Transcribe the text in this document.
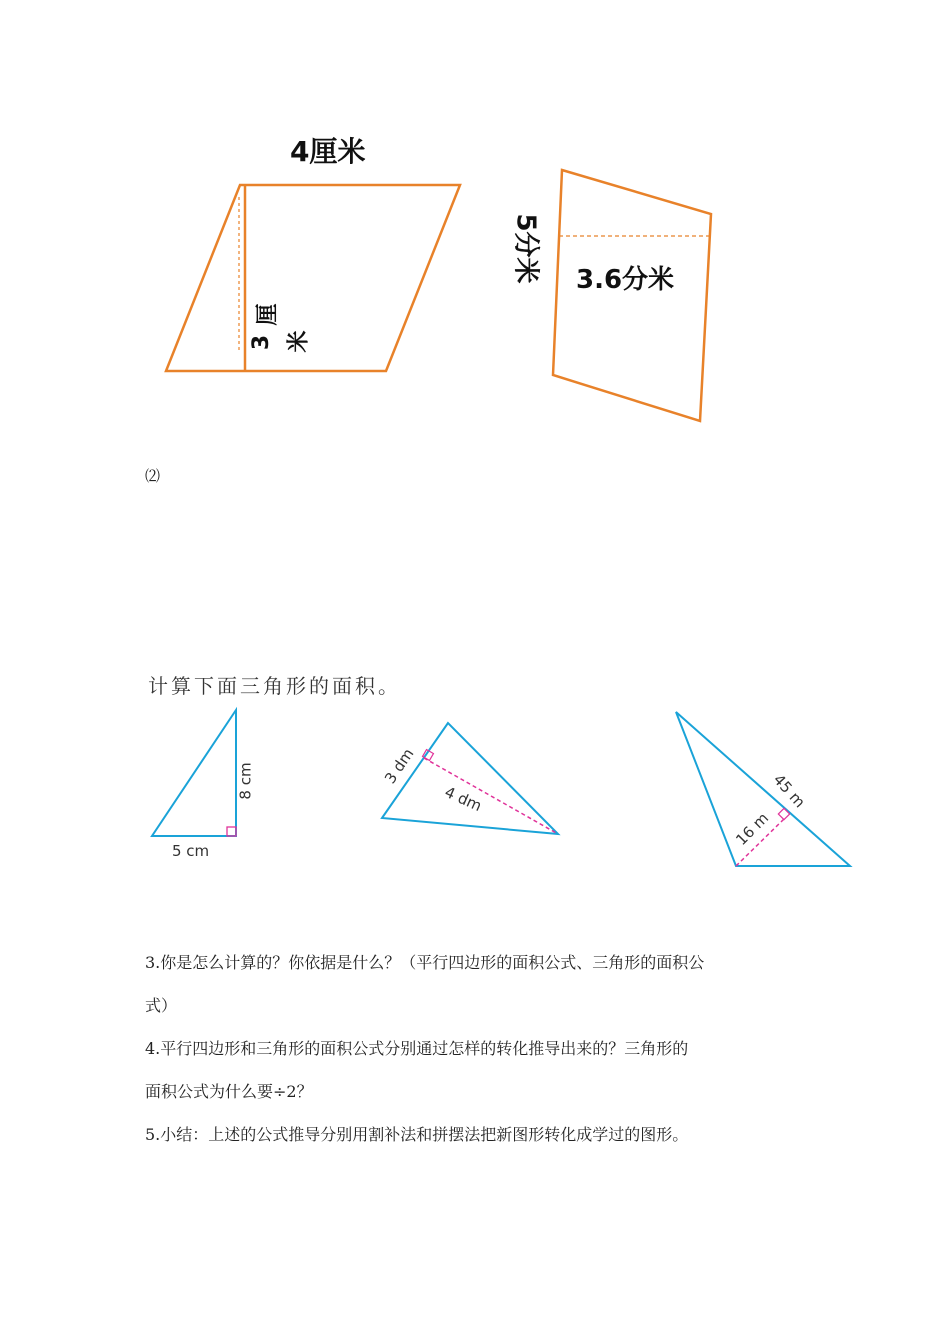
4厘米
3
厘
米
5分米 3.6分米
⑵
计算下面三角形的面积。
8 cm
5 cm
3 dm
4 dm	45 m
16 m
3.你是怎么计算的？你依据是什么？（平行四边形的面积公式、三角形的面积公
式）
4.平行四边形和三角形的面积公式分别通过怎样的转化推导出来的？三角形的
面积公式为什么要÷2？
5.小结：上述的公式推导分别用割补法和拼摆法把新图形转化成学过的图形。
